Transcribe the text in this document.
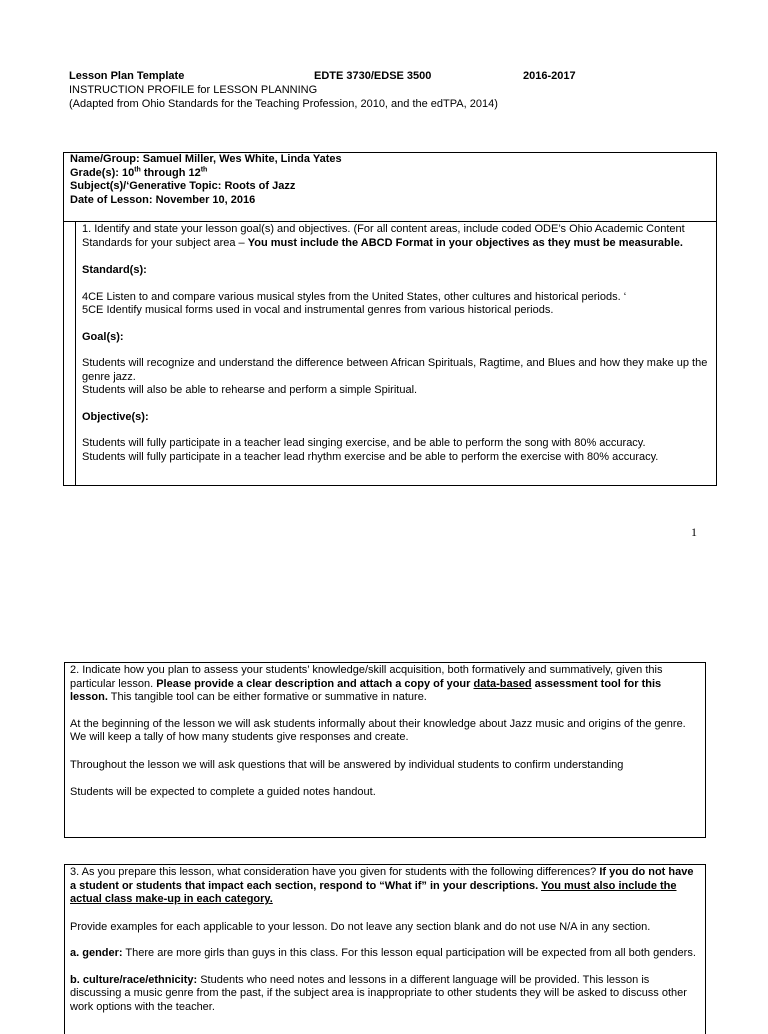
Lesson Plan Template	EDTE 3730/EDSE 3500	2016-2017
INSTRUCTION PROFILE for LESSON PLANNING
(Adapted from Ohio Standards for the Teaching Profession, 2010, and the edTPA, 2014)
Name/Group: Samuel Miller, Wes White, Linda Yates
Grade(s): 10th through 12th
Subject(s)/‘Generative Topic: Roots of Jazz
Date of Lesson: November 10, 2016

1. Identify and state your lesson goal(s) and objectives. (For all content areas, include coded ODE’s Ohio Academic Content Standards for your subject area – You must include the ABCD Format in your objectives as they must be measurable.

Standard(s):

4CE Listen to and compare various musical styles from the United States, other cultures and historical periods. ‘

5CE Identify musical forms used in vocal and instrumental genres from various historical periods.

Goal(s):

Students will recognize and understand the difference between African Spirituals, Ragtime, and Blues and how they make up the genre jazz.

Students will also be able to rehearse and perform a simple Spiritual.

Objective(s):

Students will fully participate in a teacher lead singing exercise, and be able to perform the song with 80% accuracy.

Students will fully participate in a teacher lead rhythm exercise and be able to perform the exercise with 80% accuracy.

1

2. Indicate how you plan to assess your students’ knowledge/skill acquisition, both formatively and summatively, given this particular lesson. Please provide a clear description and attach a copy of your data-based assessment tool for this lesson. This tangible tool can be either formative or summative in nature.

At the beginning of the lesson we will ask students informally about their knowledge about Jazz music and origins of the genre. We will keep a tally of how many students give responses and create.

Throughout the lesson we will ask questions that will be answered by individual students to confirm understanding

Students will be expected to complete a guided notes handout.

3. As you prepare this lesson, what consideration have you given for students with the following differences? If you do not have a student or students that impact each section, respond to “What if” in your descriptions. You must also include the actual class make-up in each category.

Provide examples for each applicable to your lesson. Do not leave any section blank and do not use N/A in any section.

a. gender: There are more girls than guys in this class. For this lesson equal participation will be expected from all both genders.

b. culture/race/ethnicity: Students who need notes and lessons in a different language will be provided. This lesson is discussing a music genre from the past, if the subject area is inappropriate to other students they will be asked to discuss other work options with the teacher.
